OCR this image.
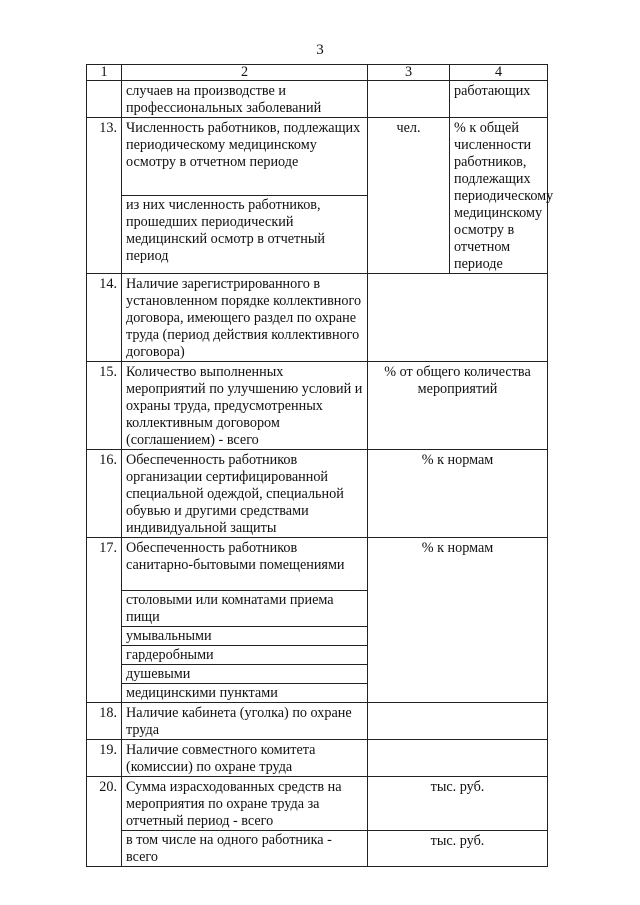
3
1	2	3	4
	случаев на производстве и профессиональных заболеваний		работающих
13.	Численность работников, подлежащих периодическому медицинскому осмотру в отчетном периоде	чел.	% к общей численности работников, подлежащих периодическому медицинскому осмотру в отчетном периоде
	из них численность работников, прошедших периодический медицинский осмотр в отчетный период		
14.	Наличие зарегистрированного в установленном порядке коллективного договора, имеющего раздел по охране труда (период действия коллективного договора)		
15.	Количество выполненных мероприятий по улучшению условий и охраны труда, предусмотренных коллективным договором (соглашением) - всего	% от общего количества мероприятий	
16.	Обеспеченность работников организации сертифицированной специальной одеждой, специальной обувью и другими средствами индивидуальной защиты	% к нормам	
17.	Обеспеченность работников санитарно-бытовыми помещениями	% к нормам	
	столовыми или комнатами приема пищи		
	умывальными		
	гардеробными		
	душевыми		
	медицинскими пунктами		
18.	Наличие кабинета (уголка) по охране труда		
19.	Наличие совместного комитета (комиссии) по охране труда		
20.	Сумма израсходованных средств на мероприятия по охране труда за отчетный период - всего	тыс. руб.	
	в том числе на одного работника - всего	тыс. руб.	
